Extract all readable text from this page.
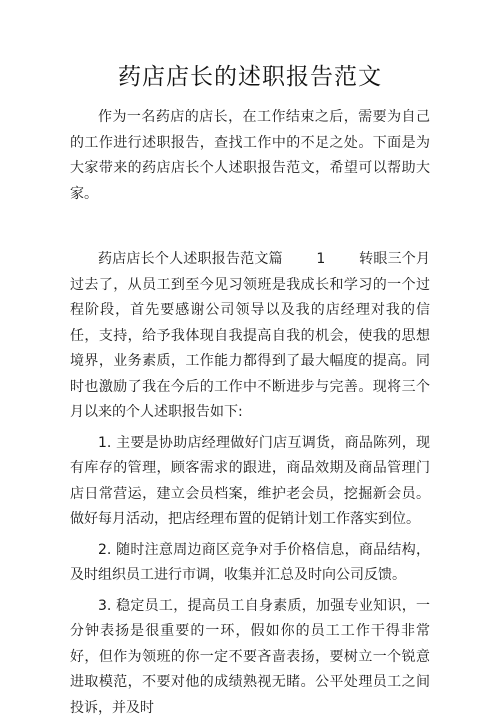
药店店长的述职报告范文

作为一名药店的店长，在工作结束之后，需要为自己的工作进行述职报告，查找工作中的不足之处。下面是为大家带来的药店店长个人述职报告范文，希望可以帮助大家。

药店店长个人述职报告范文篇 1 转眼三个月过去了，从员工到至今见习领班是我成长和学习的一个过程阶段，首先要感谢公司领导以及我的店经理对我的信任，支持，给予我体现自我提高自我的机会，使我的思想境界，业务素质，工作能力都得到了最大幅度的提高。同时也激励了我在今后的工作中不断进步与完善。现将三个月以来的个人述职报告如下:

1. 主要是协助店经理做好门店互调货，商品陈列，现有库存的管理，顾客需求的跟进，商品效期及商品管理门店日常营运，建立会员档案，维护老会员，挖掘新会员。做好每月活动，把店经理布置的促销计划工作落实到位。

2. 随时注意周边商区竞争对手价格信息，商品结构，及时组织员工进行市调，收集并汇总及时向公司反馈。

3. 稳定员工，提高员工自身素质，加强专业知识，一分钟表扬是很重要的一环，假如你的员工工作干得非常好，但作为领班的你一定不要吝啬表扬，要树立一个锐意进取模范，不要对他的成绩熟视无睹。公平处理员工之间投诉，并及时
